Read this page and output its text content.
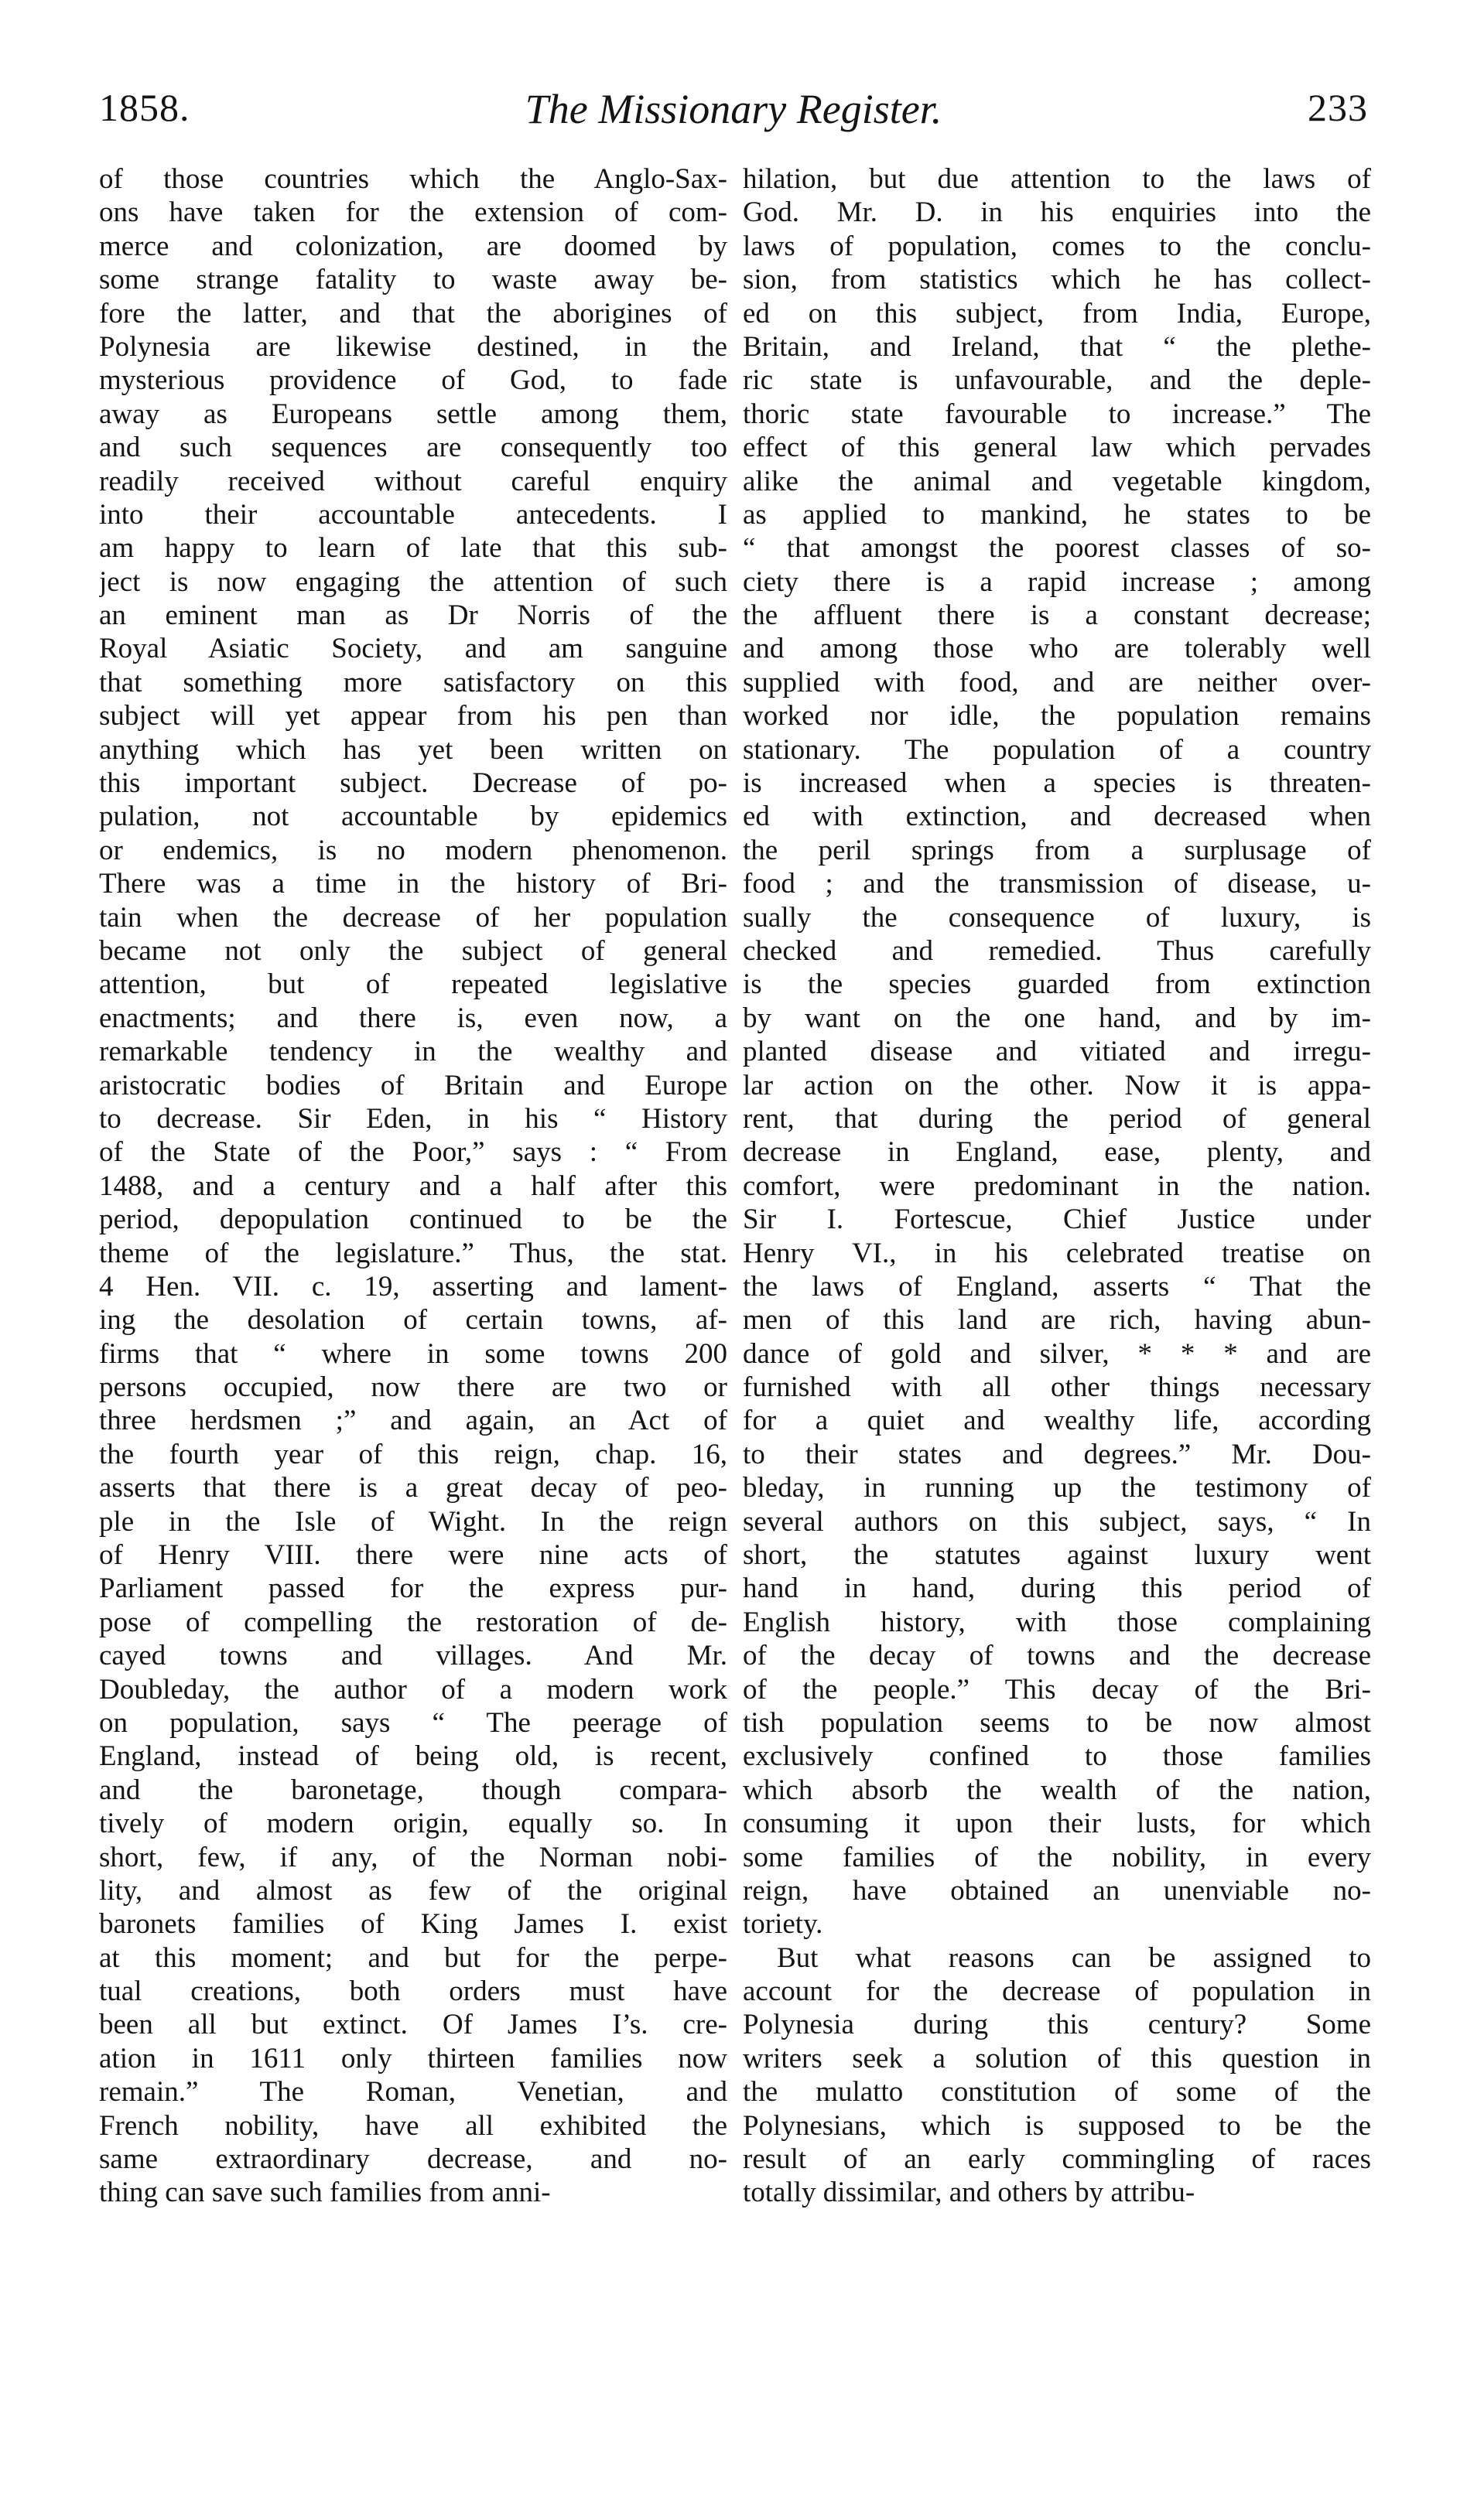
1858.	The Missionary Register.	233
of those countries which the Anglo-Sax-
ons have taken for the extension of com-
merce and colonization, are doomed by
some strange fatality to waste away be-
fore the latter, and that the aborigines of
Polynesia are likewise destined, in the
mysterious providence of God, to fade
away as Europeans settle among them,
and such sequences are consequently too
readily received without careful enquiry
into their accountable antecedents. I
am happy to learn of late that this sub-
ject is now engaging the attention of such
an eminent man as Dr Norris of the
Royal Asiatic Society, and am sanguine
that something more satisfactory on this
subject will yet appear from his pen than
anything which has yet been written on
this important subject. Decrease of po-
pulation, not accountable by epidemics
or endemics, is no modern phenomenon.
There was a time in the history of Bri-
tain when the decrease of her population
became not only the subject of general
attention, but of repeated legislative
enactments; and there is, even now, a
remarkable tendency in the wealthy and
aristocratic bodies of Britain and Europe
to decrease. Sir Eden, in his “ History
of the State of the Poor,” says : “ From
1488, and a century and a half after this
period, depopulation continued to be the
theme of the legislature.” Thus, the stat.
4 Hen. VII. c. 19, asserting and lament-
ing the desolation of certain towns, af-
firms that “ where in some towns 200
persons occupied, now there are two or
three herdsmen ;” and again, an Act of
the fourth year of this reign, chap. 16,
asserts that there is a great decay of peo-
ple in the Isle of Wight. In the reign
of Henry VIII. there were nine acts of
Parliament passed for the express pur-
pose of compelling the restoration of de-
cayed towns and villages. And Mr.
Doubleday, the author of a modern work
on population, says “ The peerage of
England, instead of being old, is recent,
and the baronetage, though compara-
tively of modern origin, equally so. In
short, few, if any, of the Norman nobi-
lity, and almost as few of the original
baronets families of King James I. exist
at this moment; and but for the perpe-
tual creations, both orders must have
been all but extinct. Of James I’s. cre-
ation in 1611 only thirteen families now
remain.” The Roman, Venetian, and
French nobility, have all exhibited the
same extraordinary decrease, and no-
thing can save such families from anni-
hilation, but due attention to the laws of
God. Mr. D. in his enquiries into the
laws of population, comes to the conclu-
sion, from statistics which he has collect-
ed on this subject, from India, Europe,
Britain, and Ireland, that “ the plethe-
ric state is unfavourable, and the deple-
thoric state favourable to increase.” The
effect of this general law which pervades
alike the animal and vegetable kingdom,
as applied to mankind, he states to be
“ that amongst the poorest classes of so-
ciety there is a rapid increase ; among
the affluent there is a constant decrease;
and among those who are tolerably well
supplied with food, and are neither over-
worked nor idle, the population remains
stationary. The population of a country
is increased when a species is threaten-
ed with extinction, and decreased when
the peril springs from a surplusage of
food ; and the transmission of disease, u-
sually the consequence of luxury, is
checked and remedied. Thus carefully
is the species guarded from extinction
by want on the one hand, and by im-
planted disease and vitiated and irregu-
lar action on the other. Now it is appa-
rent, that during the period of general
decrease in England, ease, plenty, and
comfort, were predominant in the nation.
Sir I. Fortescue, Chief Justice under
Henry VI., in his celebrated treatise on
the laws of England, asserts “ That the
men of this land are rich, having abun-
dance of gold and silver, * * * and are
furnished with all other things necessary
for a quiet and wealthy life, according
to their states and degrees.” Mr. Dou-
bleday, in running up the testimony of
several authors on this subject, says, “ In
short, the statutes against luxury went
hand in hand, during this period of
English history, with those complaining
of the decay of towns and the decrease
of the people.” This decay of the Bri-
tish population seems to be now almost
exclusively confined to those families
which absorb the wealth of the nation,
consuming it upon their lusts, for which
some families of the nobility, in every
reign, have obtained an unenviable no-
toriety.
But what reasons can be assigned to
account for the decrease of population in
Polynesia during this century? Some
writers seek a solution of this question in
the mulatto constitution of some of the
Polynesians, which is supposed to be the
result of an early commingling of races
totally dissimilar, and others by attribu-
